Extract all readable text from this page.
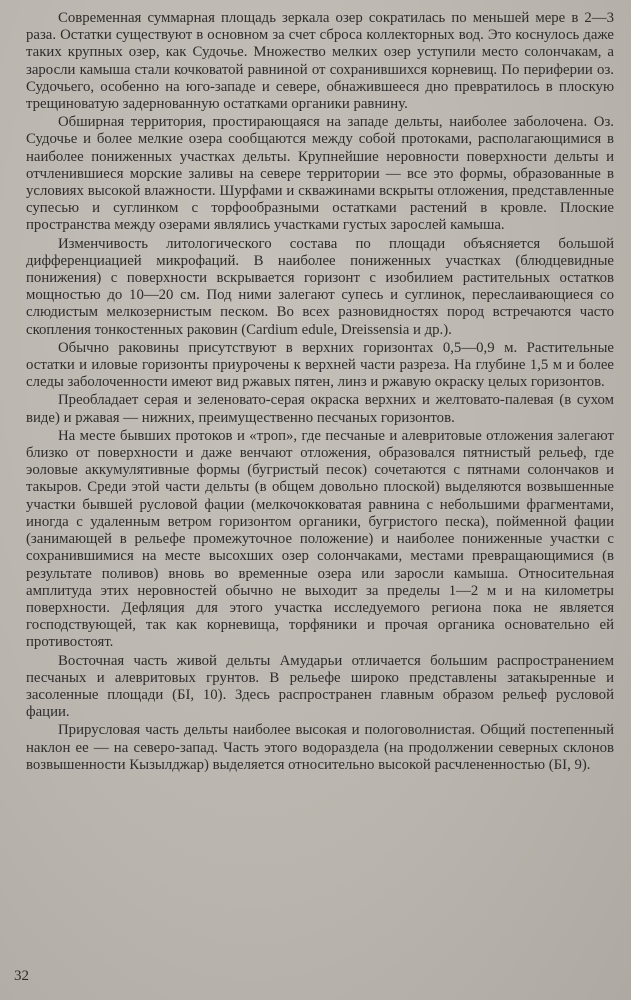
Современная суммарная площадь зеркала озер сократилась по меньшей мере в 2—3 раза. Остатки существуют в основном за счет сброса коллекторных вод. Это коснулось даже таких крупных озер, как Судочье. Множество мелких озер уступили место солончакам, а заросли камыша стали кочковатой равниной от сохранившихся корневищ. По периферии оз. Судочьего, особенно на юго-западе и севере, обнажившееся дно превратилось в плоскую трещиноватую задернованную остатками органики равнину.

Обширная территория, простирающаяся на западе дельты, наиболее заболочена. Оз. Судочье и более мелкие озера сообщаются между собой протоками, располагающимися в наиболее пониженных участках дельты. Крупнейшие неровности поверхности дельты и отчленившиеся морские заливы на севере территории — все это формы, образованные в условиях высокой влажности. Шурфами и скважинами вскрыты отложения, представленные супесью и суглинком с торфообразными остатками растений в кровле. Плоские пространства между озерами являлись участками густых зарослей камыша.

Изменчивость литологического состава по площади объясняется большой дифференциацией микрофаций. В наиболее пониженных участках (блюдцевидные понижения) с поверхности вскрывается горизонт с изобилием растительных остатков мощностью до 10—20 см. Под ними залегают супесь и суглинок, переслаивающиеся со слюдистым мелкозернистым песком. Во всех разновидностях пород встречаются часто скопления тонкостенных раковин (Cardium edule, Dreissensia и др.).

Обычно раковины присутствуют в верхних горизонтах 0,5—0,9 м. Растительные остатки и иловые горизонты приурочены к верхней части разреза. На глубине 1,5 м и более следы заболоченности имеют вид ржавых пятен, линз и ржавую окраску целых горизонтов.

Преобладает серая и зеленовато-серая окраска верхних и желтовато-палевая (в сухом виде) и ржавая — нижних, преимущественно песчаных горизонтов.

На месте бывших протоков и «троп», где песчаные и алевритовые отложения залегают близко от поверхности и даже венчают отложения, образовался пятнистый рельеф, где эоловые аккумулятивные формы (бугристый песок) сочетаются с пятнами солончаков и такыров. Среди этой части дельты (в общем довольно плоской) выделяются возвышенные участки бывшей русловой фации (мелкочокковатая равнина с небольшими фрагментами, иногда с удаленным ветром горизонтом органики, бугристого песка), пойменной фации (занимающей в рельефе промежуточное положение) и наиболее пониженные участки с сохранившимися на месте высохших озер солончаками, местами превращающимися (в результате поливов) вновь во временные озера или заросли камыша. Относительная амплитуда этих неровностей обычно не выходит за пределы 1—2 м и на километры поверхности. Дефляция для этого участка исследуемого региона пока не является господствующей, так как корневища, торфяники и прочая органика основательно ей противостоят.

Восточная часть живой дельты Амударьи отличается большим распространением песчаных и алевритовых грунтов. В рельефе широко представлены затакыренные и засоленные площади (БI, 10). Здесь распространен главным образом рельеф русловой фации.

Прирусловая часть дельты наиболее высокая и пологоволнистая. Общий постепенный наклон ее — на северо-запад. Часть этого водораздела (на продолжении северных склонов возвышенности Кызылджар) выделяется относительно высокой расчлененностью (БI, 9).

32
